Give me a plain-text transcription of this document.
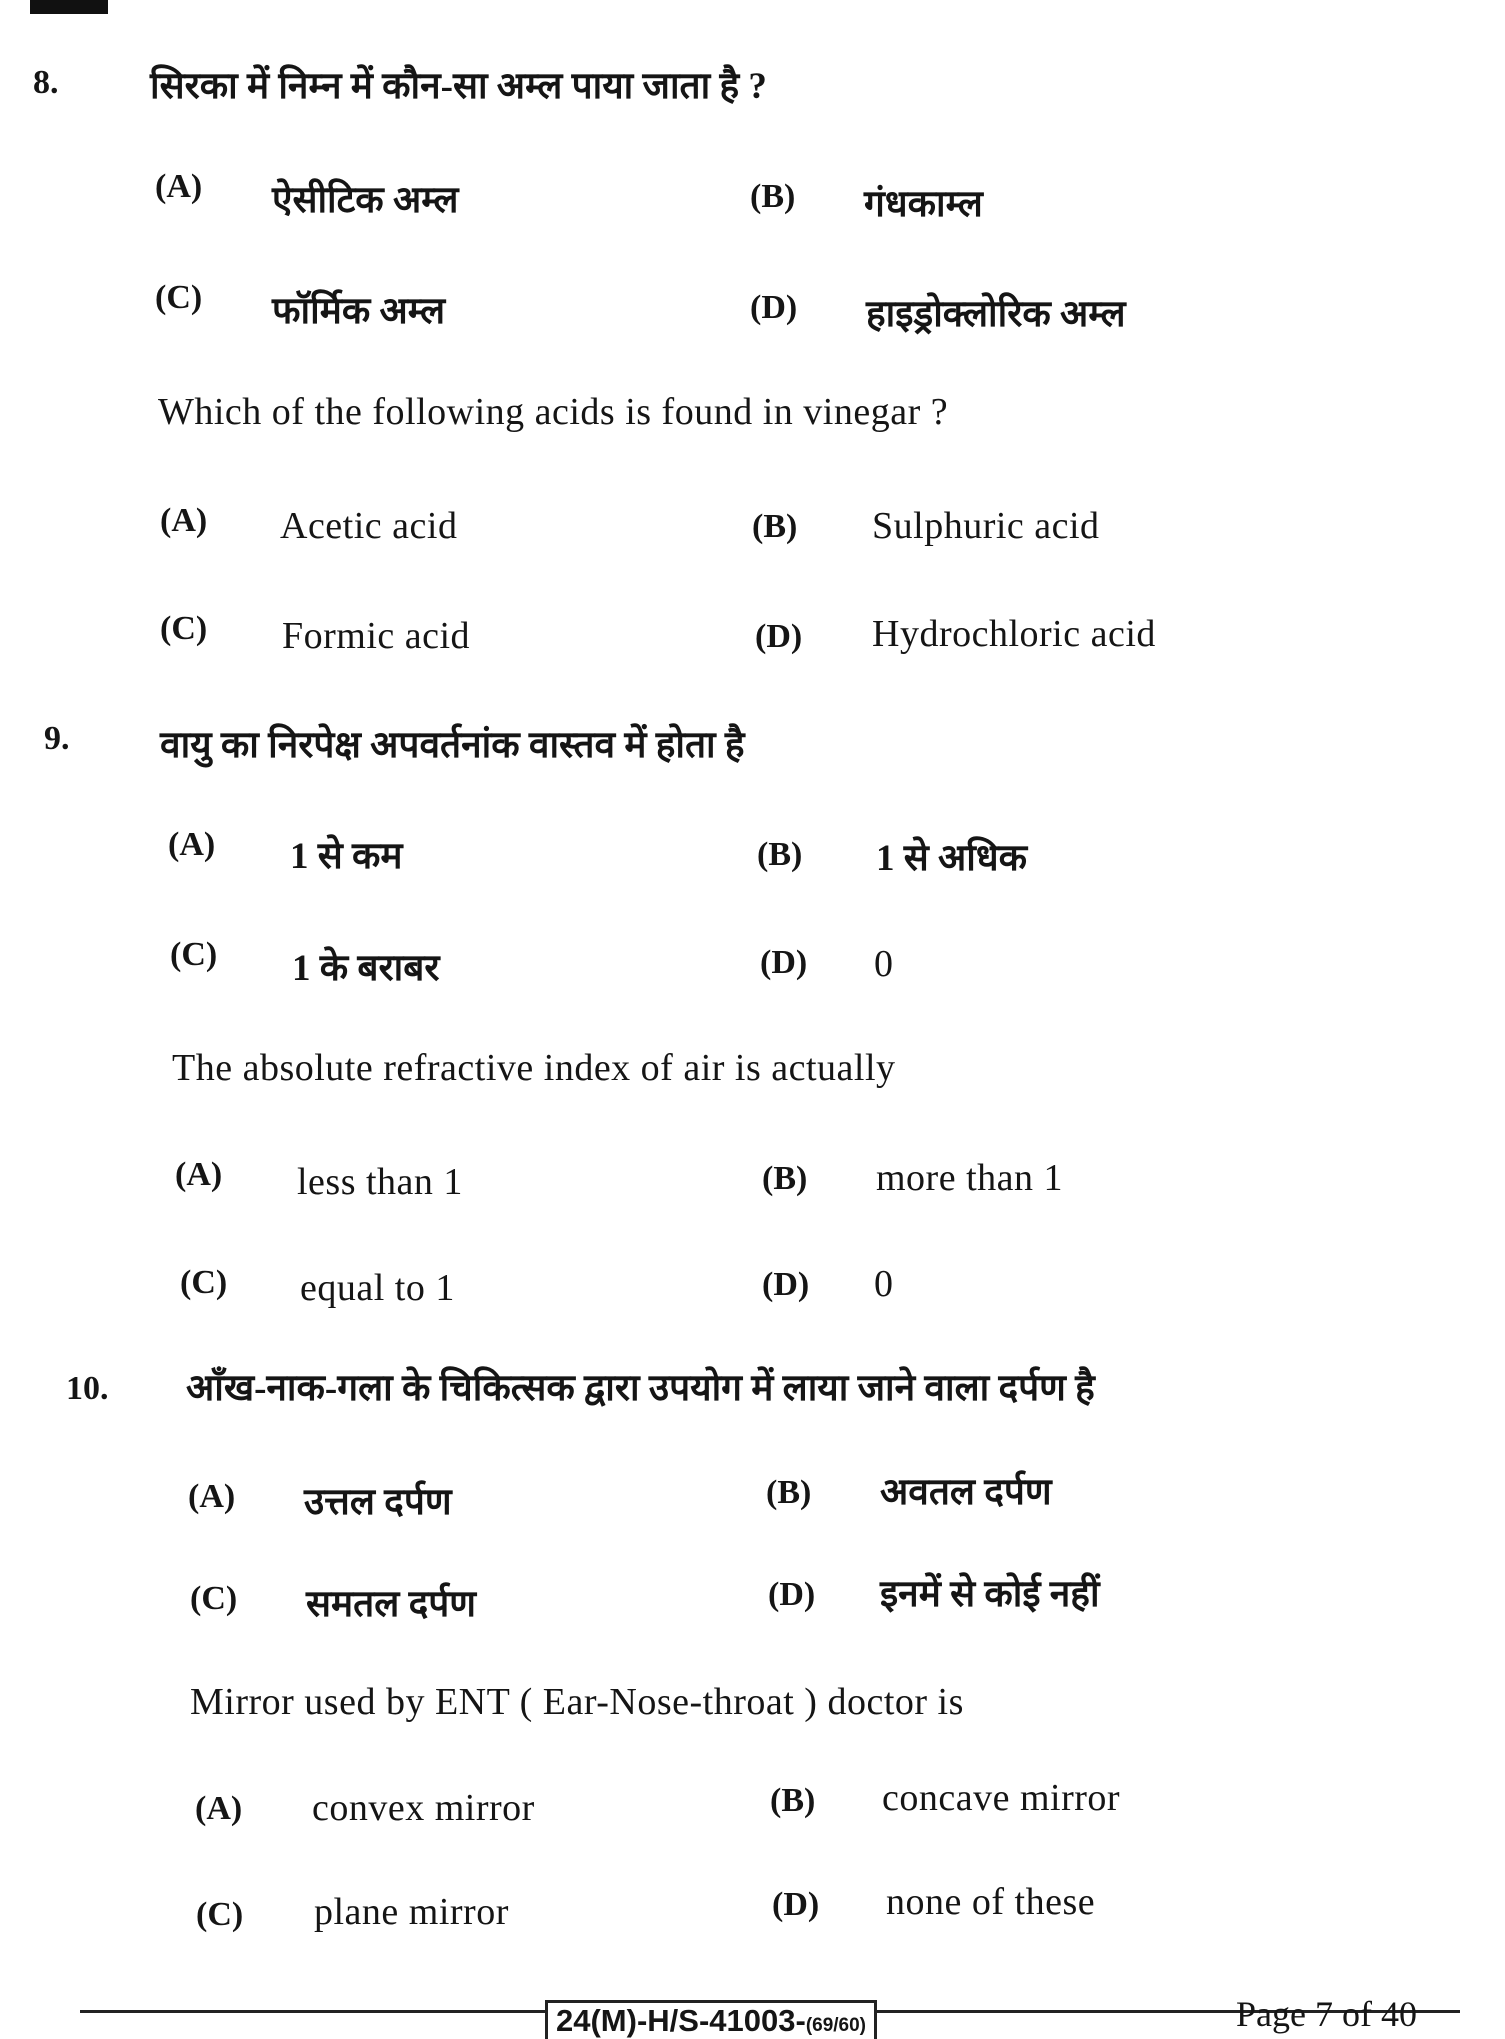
8. सिरका में निम्न में कौन-सा अम्ल पाया जाता है ?
(A) ऐसीटिक अम्ल	(B) गंधकाम्ल
(C) फॉर्मिक अम्ल	(D) हाइड्रोक्लोरिक अम्ल
Which of the following acids is found in vinegar ?
(A) Acetic acid	(B) Sulphuric acid
(C) Formic acid	(D) Hydrochloric acid
9. वायु का निरपेक्ष अपवर्तनांक वास्तव में होता है
(A) 1 से कम	(B) 1 से अधिक
(C) 1 के बराबर	(D) 0
The absolute refractive index of air is actually
(A) less than 1	(B) more than 1
(C) equal to 1	(D) 0
10. आँख-नाक-गला के चिकित्सक द्वारा उपयोग में लाया जाने वाला दर्पण है
(A) उत्तल दर्पण	(B) अवतल दर्पण
(C) समतल दर्पण	(D) इनमें से कोई नहीं
Mirror used by ENT ( Ear-Nose-throat ) doctor is
(A) convex mirror	(B) concave mirror
(C) plane mirror	(D) none of these
24(M)-H/S-41003-(69/60)	Page 7 of 40
